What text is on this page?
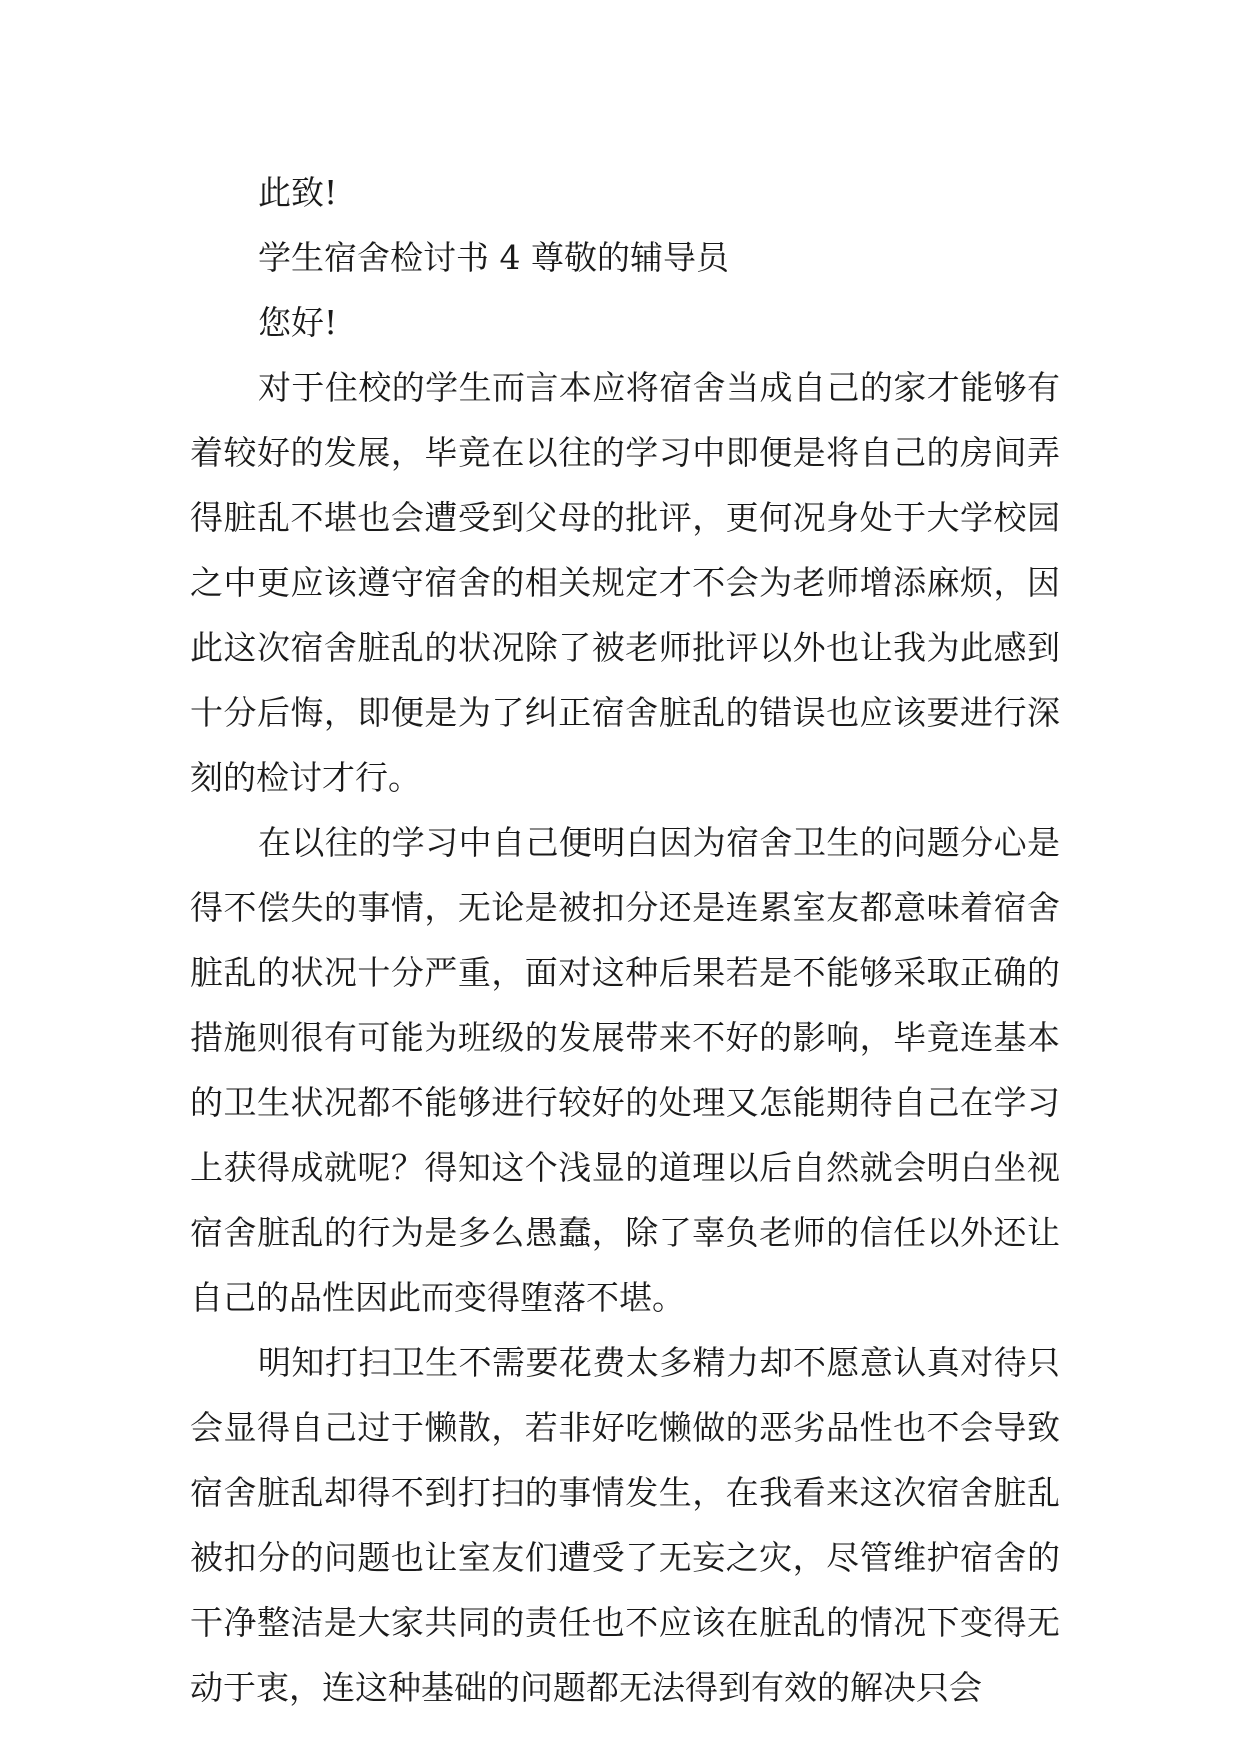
此致!

学生宿舍检讨书 4 尊敬的辅导员

您好!

对于住校的学生而言本应将宿舍当成自己的家才能够有着较好的发展，毕竟在以往的学习中即便是将自己的房间弄得脏乱不堪也会遭受到父母的批评，更何况身处于大学校园之中更应该遵守宿舍的相关规定才不会为老师增添麻烦，因此这次宿舍脏乱的状况除了被老师批评以外也让我为此感到十分后悔，即便是为了纠正宿舍脏乱的错误也应该要进行深刻的检讨才行。

在以往的学习中自己便明白因为宿舍卫生的问题分心是得不偿失的事情，无论是被扣分还是连累室友都意味着宿舍脏乱的状况十分严重，面对这种后果若是不能够采取正确的措施则很有可能为班级的发展带来不好的影响，毕竟连基本的卫生状况都不能够进行较好的处理又怎能期待自己在学习上获得成就呢？得知这个浅显的道理以后自然就会明白坐视宿舍脏乱的行为是多么愚蠢，除了辜负老师的信任以外还让自己的品性因此而变得堕落不堪。

明知打扫卫生不需要花费太多精力却不愿意认真对待只会显得自己过于懒散，若非好吃懒做的恶劣品性也不会导致宿舍脏乱却得不到打扫的事情发生，在我看来这次宿舍脏乱被扣分的问题也让室友们遭受了无妄之灾，尽管维护宿舍的干净整洁是大家共同的责任也不应该在脏乱的情况下变得无动于衷，连这种基础的问题都无法得到有效的解决只会
